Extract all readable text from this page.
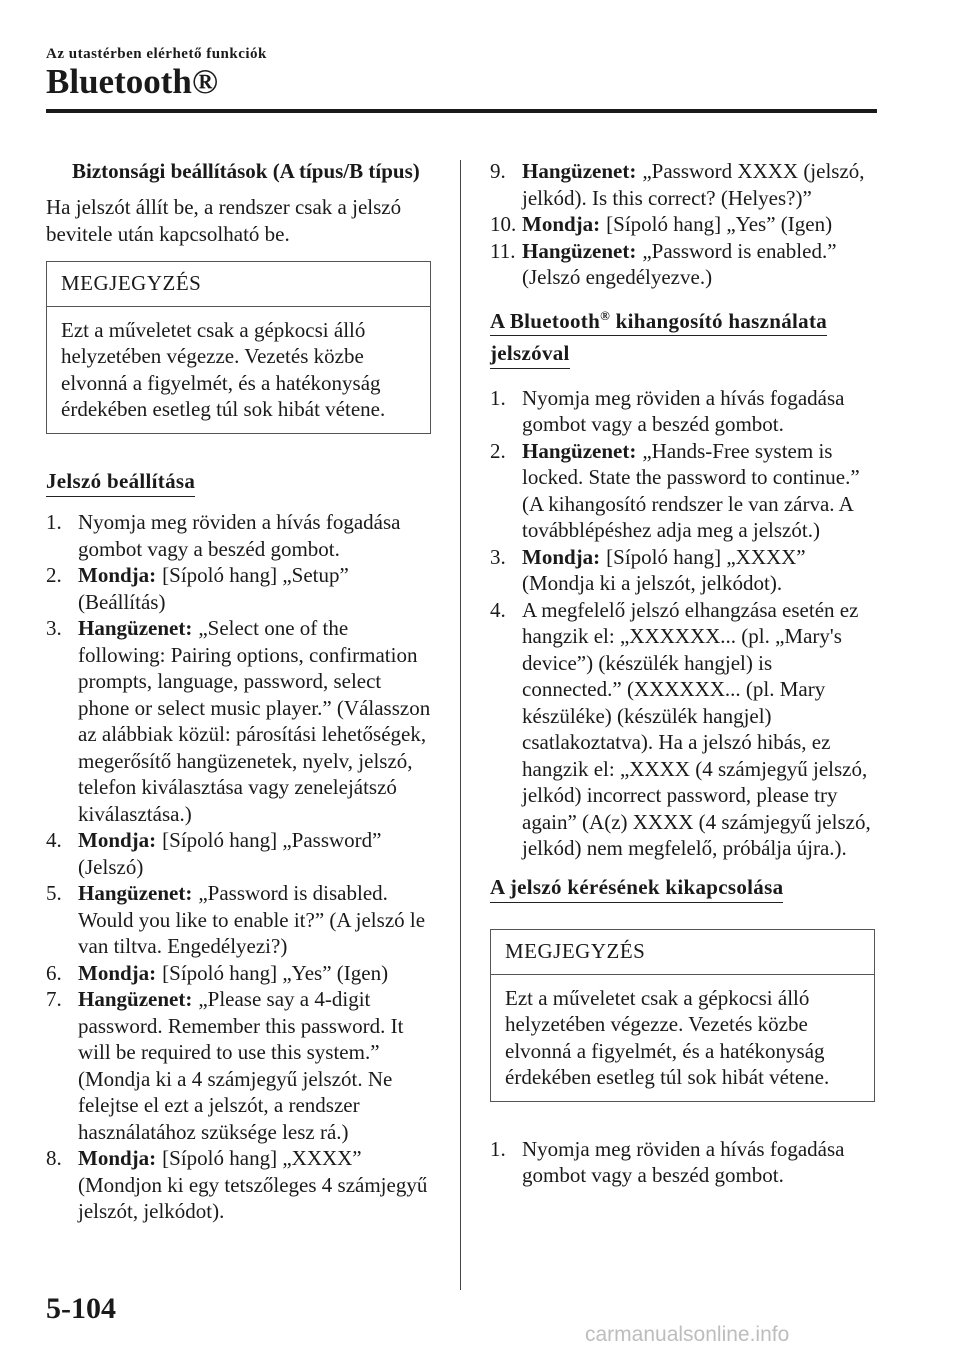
Az utastérben elérhető funkciók
Bluetooth®
Biztonsági beállítások (A típus/B típus)
Ha jelszót állít be, a rendszer csak a jelszó bevitele után kapcsolható be.
MEGJEGYZÉS
Ezt a műveletet csak a gépkocsi álló helyzetében végezze. Vezetés közbe elvonná a figyelmét, és a hatékonyság érdekében esetleg túl sok hibát vétene.
Jelszó beállítása
1. Nyomja meg röviden a hívás fogadása gombot vagy a beszéd gombot.
2. Mondja: [Sípoló hang] „Setup” (Beállítás)
3. Hangüzenet: „Select one of the following: Pairing options, confirmation prompts, language, password, select phone or select music player.” (Válasszon az alábbiak közül: párosítási lehetőségek, megerősítő hangüzenetek, nyelv, jelszó, telefon kiválasztása vagy zenelejátszó kiválasztása.)
4. Mondja: [Sípoló hang] „Password” (Jelszó)
5. Hangüzenet: „Password is disabled. Would you like to enable it?” (A jelszó le van tiltva. Engedélyezi?)
6. Mondja: [Sípoló hang] „Yes” (Igen)
7. Hangüzenet: „Please say a 4-digit password. Remember this password. It will be required to use this system.” (Mondja ki a 4 számjegyű jelszót. Ne felejtse el ezt a jelszót, a rendszer használatához szüksége lesz rá.)
8. Mondja: [Sípoló hang] „XXXX” (Mondjon ki egy tetszőleges 4 számjegyű jelszót, jelkódot).
9. Hangüzenet: „Password XXXX (jelszó, jelkód). Is this correct? (Helyes?)”
10. Mondja: [Sípoló hang] „Yes” (Igen)
11. Hangüzenet: „Password is enabled.” (Jelszó engedélyezve.)
A Bluetooth® kihangosító használata
jelszóval
1. Nyomja meg röviden a hívás fogadása gombot vagy a beszéd gombot.
2. Hangüzenet: „Hands-Free system is locked. State the password to continue.” (A kihangosító rendszer le van zárva. A továbblépéshez adja meg a jelszót.)
3. Mondja: [Sípoló hang] „XXXX” (Mondja ki a jelszót, jelkódot).
4. A megfelelő jelszó elhangzása esetén ez hangzik el: „XXXXXX... (pl. „Mary's device”) (készülék hangjel) is connected.” (XXXXXX... (pl. Mary készüléke) (készülék hangjel) csatlakoztatva). Ha a jelszó hibás, ez hangzik el: „XXXX (4 számjegyű jelszó, jelkód) incorrect password, please try again” (A(z) XXXX (4 számjegyű jelszó, jelkód) nem megfelelő, próbálja újra.).
A jelszó kérésének kikapcsolása
MEGJEGYZÉS
Ezt a műveletet csak a gépkocsi álló helyzetében végezze. Vezetés közbe elvonná a figyelmét, és a hatékonyság érdekében esetleg túl sok hibát vétene.
1. Nyomja meg röviden a hívás fogadása gombot vagy a beszéd gombot.
5-104
carmanualsonline.info
